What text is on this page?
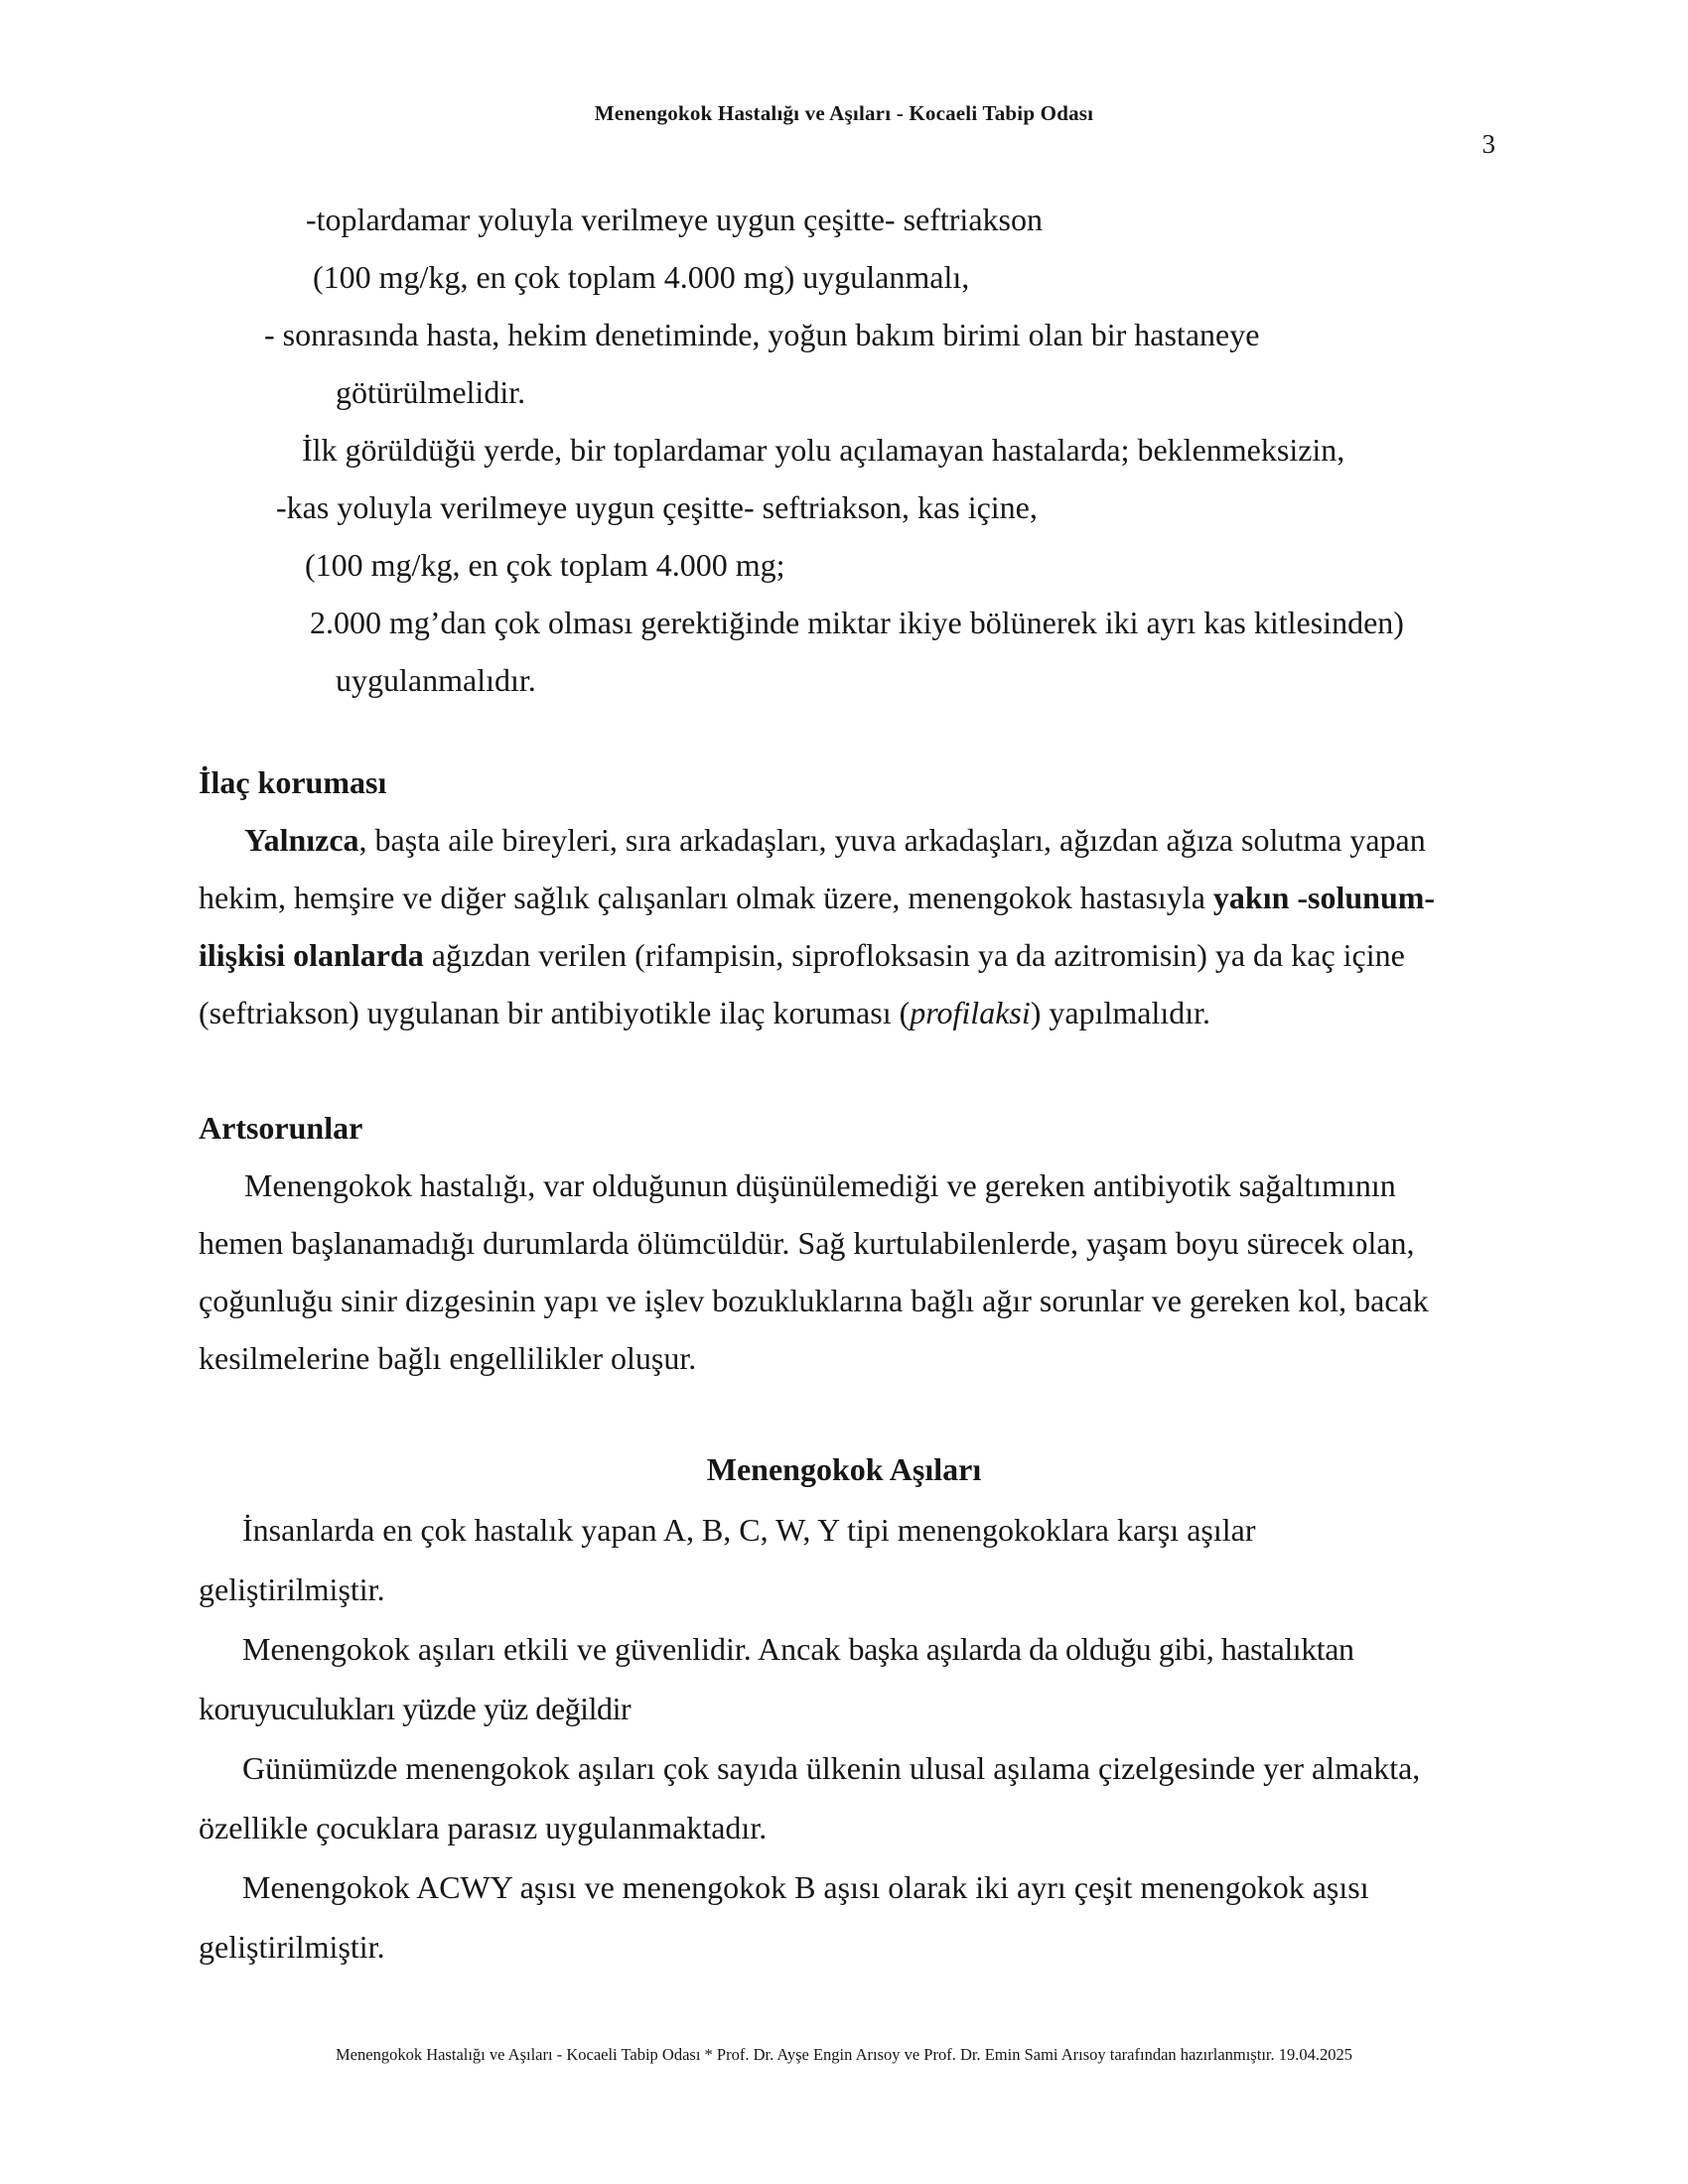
Menengokok Hastalığı ve Aşıları - Kocaeli Tabip Odası
3
-toplardamar yoluyla verilmeye uygun çeşitte- seftriakson
(100 mg/kg, en çok toplam 4.000 mg) uygulanmalı,
- sonrasında hasta, hekim denetiminde, yoğun bakım birimi olan bir hastaneye
götürülmelidir.
İlk görüldüğü yerde, bir toplardamar yolu açılamayan hastalarda; beklenmeksizin,
-kas yoluyla verilmeye uygun çeşitte- seftriakson, kas içine,
(100 mg/kg, en çok toplam 4.000 mg;
2.000 mg’dan çok olması gerektiğinde miktar ikiye bölünerek iki ayrı kas kitlesinden)
uygulanmalıdır.
İlaç koruması
Yalnızca, başta aile bireyleri, sıra arkadaşları, yuva arkadaşları, ağızdan ağıza solutma yapan
hekim, hemşire ve diğer sağlık çalışanları olmak üzere, menengokok hastasıyla yakın -solunum-
ilişkisi olanlarda ağızdan verilen (rifampisin, siprofloksasin ya da azitromisin) ya da kaç içine
(seftriakson) uygulanan bir antibiyotikle ilaç koruması (profilaksi) yapılmalıdır.
Artsorunlar
Menengokok hastalığı, var olduğunun düşünülemediği ve gereken antibiyotik sağaltımının
hemen başlanamadığı durumlarda ölümcüldür. Sağ kurtulabilenlerde, yaşam boyu sürecek olan,
çoğunluğu sinir dizgesinin yapı ve işlev bozukluklarına bağlı ağır sorunlar ve gereken kol, bacak
kesilmelerine bağlı engellilikler oluşur.
Menengokok Aşıları
İnsanlarda en çok hastalık yapan A, B, C, W, Y tipi menengokoklara karşı aşılar
geliştirilmiştir.
Menengokok aşıları etkili ve güvenlidir. Ancak başka aşılarda da olduğu gibi, hastalıktan
koruyuculukları yüzde yüz değildir
Günümüzde menengokok aşıları çok sayıda ülkenin ulusal aşılama çizelgesinde yer almakta,
özellikle çocuklara parasız uygulanmaktadır.
Menengokok ACWY aşısı ve menengokok B aşısı olarak iki ayrı çeşit menengokok aşısı
geliştirilmiştir.
Menengokok Hastalığı ve Aşıları - Kocaeli Tabip Odası * Prof. Dr. Ayşe Engin Arısoy ve Prof. Dr. Emin Sami Arısoy tarafından hazırlanmıştır. 19.04.2025
